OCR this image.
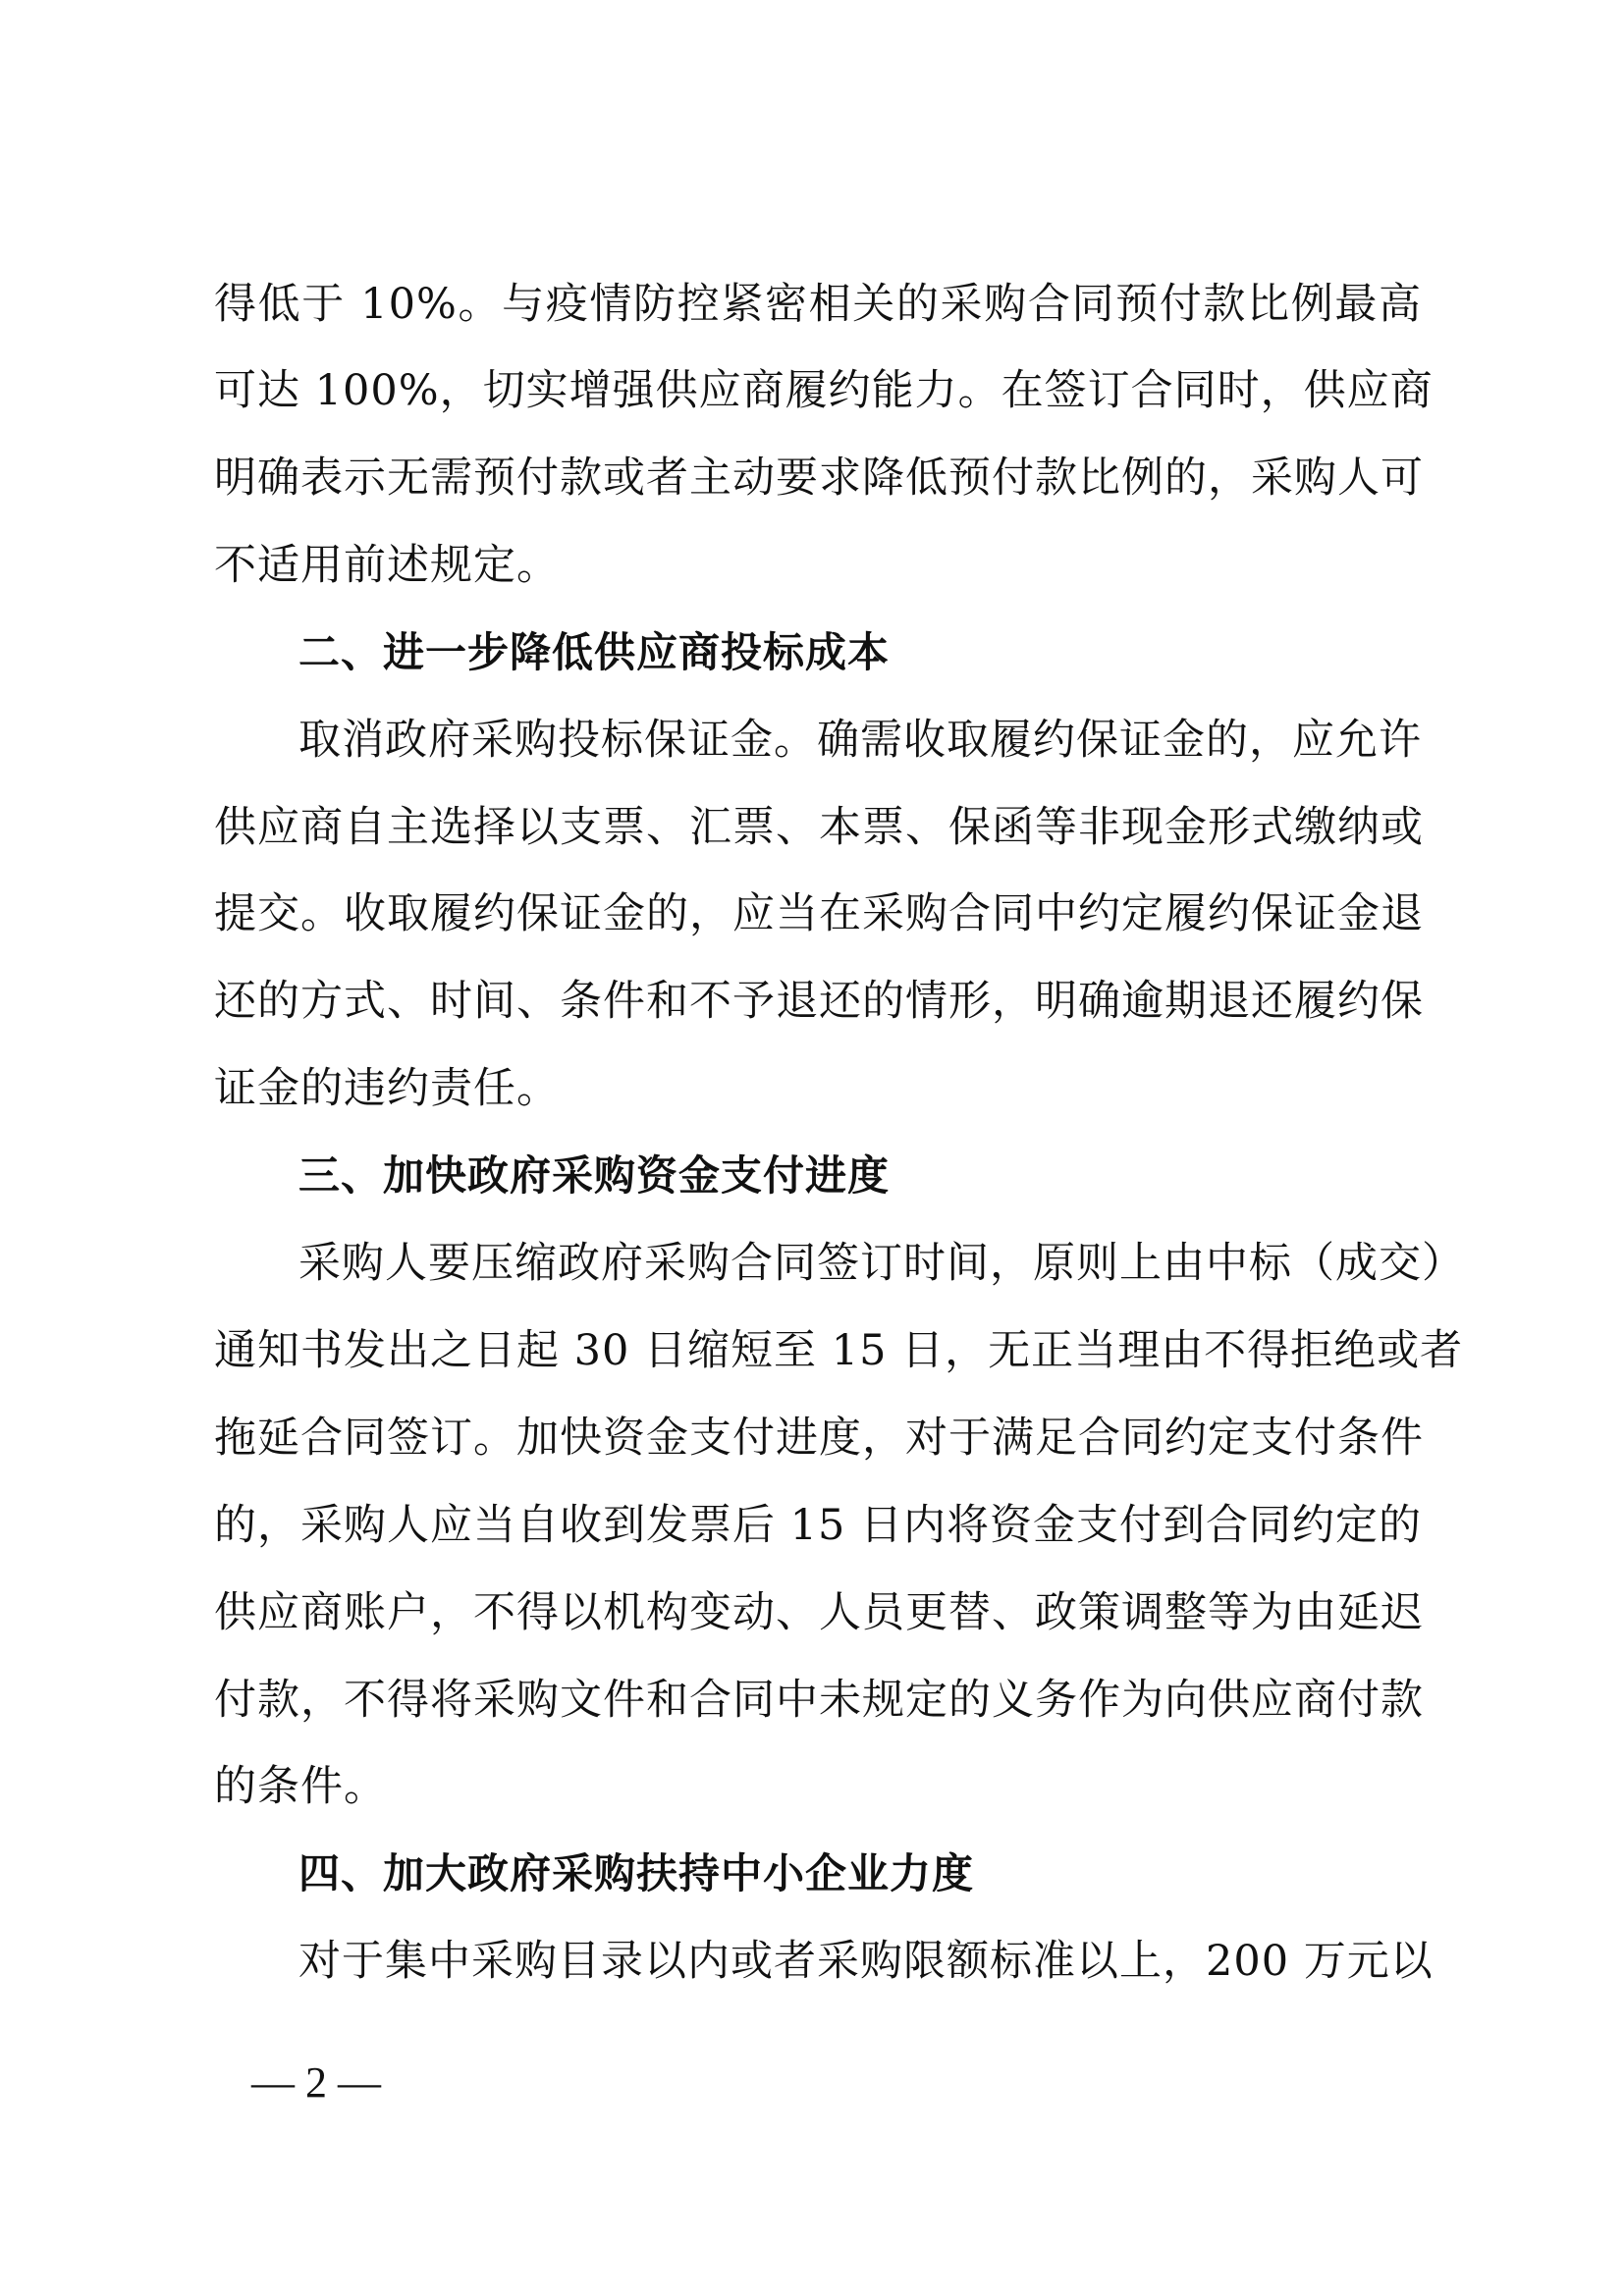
得低于 10%。与疫情防控紧密相关的采购合同预付款比例最高
可达 100%，切实增强供应商履约能力。在签订合同时，供应商
明确表示无需预付款或者主动要求降低预付款比例的，采购人可
不适用前述规定。
二、进一步降低供应商投标成本
取消政府采购投标保证金。确需收取履约保证金的，应允许
供应商自主选择以支票、汇票、本票、保函等非现金形式缴纳或
提交。收取履约保证金的，应当在采购合同中约定履约保证金退
还的方式、时间、条件和不予退还的情形，明确逾期退还履约保
证金的违约责任。
三、加快政府采购资金支付进度
采购人要压缩政府采购合同签订时间，原则上由中标（成交）
通知书发出之日起 30 日缩短至 15 日，无正当理由不得拒绝或者
拖延合同签订。加快资金支付进度，对于满足合同约定支付条件
的，采购人应当自收到发票后 15 日内将资金支付到合同约定的
供应商账户，不得以机构变动、人员更替、政策调整等为由延迟
付款，不得将采购文件和合同中未规定的义务作为向供应商付款
的条件。
四、加大政府采购扶持中小企业力度
对于集中采购目录以内或者采购限额标准以上，200 万元以
— 2 —
